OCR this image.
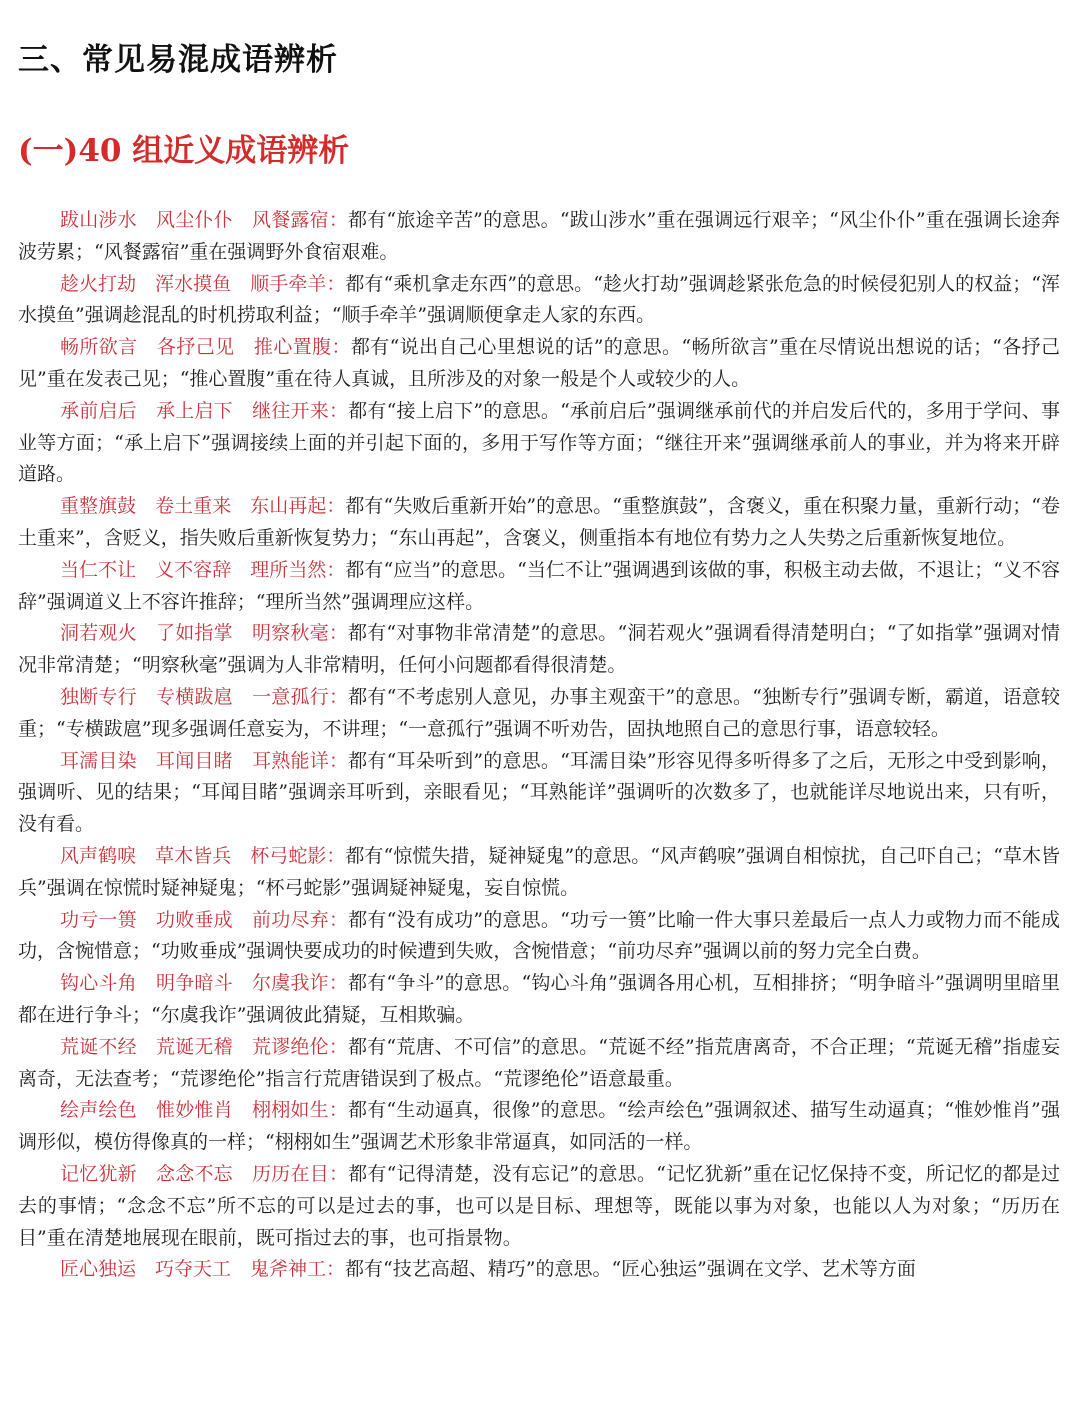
三、常见易混成语辨析
(一)40 组近义成语辨析

跋山涉水　风尘仆仆　风餐露宿：都有“旅途辛苦”的意思。“跋山涉水”重在强调远行艰辛；“风尘仆仆”重在强调长途奔波劳累；“风餐露宿”重在强调野外食宿艰难。

趁火打劫　浑水摸鱼　顺手牵羊：都有“乘机拿走东西”的意思。“趁火打劫”强调趁紧张危急的时候侵犯别人的权益；“浑水摸鱼”强调趁混乱的时机捞取利益；“顺手牵羊”强调顺便拿走人家的东西。

畅所欲言　各抒己见　推心置腹：都有“说出自己心里想说的话”的意思。“畅所欲言”重在尽情说出想说的话；“各抒己见”重在发表己见；“推心置腹”重在待人真诚，且所涉及的对象一般是个人或较少的人。

承前启后　承上启下　继往开来：都有“接上启下”的意思。“承前启后”强调继承前代的并启发后代的，多用于学问、事业等方面；“承上启下”强调接续上面的并引起下面的，多用于写作等方面；“继往开来”强调继承前人的事业，并为将来开辟道路。

重整旗鼓　卷土重来　东山再起：都有“失败后重新开始”的意思。“重整旗鼓”，含褒义，重在积聚力量，重新行动；“卷土重来”，含贬义，指失败后重新恢复势力；“东山再起”，含褒义，侧重指本有地位有势力之人失势之后重新恢复地位。

当仁不让　义不容辞　理所当然：都有“应当”的意思。“当仁不让”强调遇到该做的事，积极主动去做，不退让；“义不容辞”强调道义上不容许推辞；“理所当然”强调理应这样。

洞若观火　了如指掌　明察秋毫：都有“对事物非常清楚”的意思。“洞若观火”强调看得清楚明白；“了如指掌”强调对情况非常清楚；“明察秋毫”强调为人非常精明，任何小问题都看得很清楚。

独断专行　专横跋扈　一意孤行：都有“不考虑别人意见，办事主观蛮干”的意思。“独断专行”强调专断，霸道，语意较重；“专横跋扈”现多强调任意妄为，不讲理；“一意孤行”强调不听劝告，固执地照自己的意思行事，语意较轻。

耳濡目染　耳闻目睹　耳熟能详：都有“耳朵听到”的意思。“耳濡目染”形容见得多听得多了之后，无形之中受到影响，强调听、见的结果；“耳闻目睹”强调亲耳听到，亲眼看见；“耳熟能详”强调听的次数多了，也就能详尽地说出来，只有听，没有看。

风声鹤唳　草木皆兵　杯弓蛇影：都有“惊慌失措，疑神疑鬼”的意思。“风声鹤唳”强调自相惊扰，自己吓自己；“草木皆兵”强调在惊慌时疑神疑鬼；“杯弓蛇影”强调疑神疑鬼，妄自惊慌。

功亏一篑　功败垂成　前功尽弃：都有“没有成功”的意思。“功亏一篑”比喻一件大事只差最后一点人力或物力而不能成功，含惋惜意；“功败垂成”强调快要成功的时候遭到失败，含惋惜意；“前功尽弃”强调以前的努力完全白费。

钩心斗角　明争暗斗　尔虞我诈：都有“争斗”的意思。“钩心斗角”强调各用心机，互相排挤；“明争暗斗”强调明里暗里都在进行争斗；“尔虞我诈”强调彼此猜疑，互相欺骗。

荒诞不经　荒诞无稽　荒谬绝伦：都有“荒唐、不可信”的意思。“荒诞不经”指荒唐离奇，不合正理；“荒诞无稽”指虚妄离奇，无法查考；“荒谬绝伦”指言行荒唐错误到了极点。“荒谬绝伦”语意最重。

绘声绘色　惟妙惟肖　栩栩如生：都有“生动逼真，很像”的意思。“绘声绘色”强调叙述、描写生动逼真；“惟妙惟肖”强调形似，模仿得像真的一样；“栩栩如生”强调艺术形象非常逼真，如同活的一样。

记忆犹新　念念不忘　历历在目：都有“记得清楚，没有忘记”的意思。“记忆犹新”重在记忆保持不变，所记忆的都是过去的事情；“念念不忘”所不忘的可以是过去的事，也可以是目标、理想等，既能以事为对象，也能以人为对象；“历历在目”重在清楚地展现在眼前，既可指过去的事，也可指景物。

匠心独运　巧夺天工　鬼斧神工：都有“技艺高超、精巧”的意思。“匠心独运”强调在文学、艺术等方面
